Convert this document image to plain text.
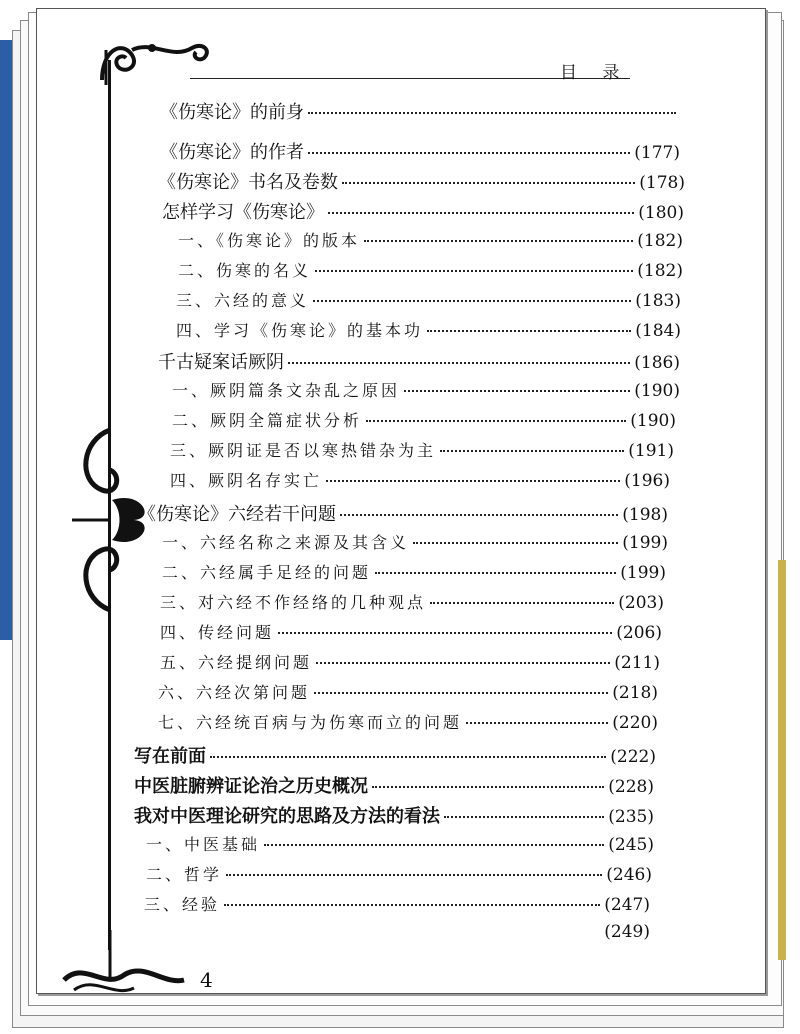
目 录
《伤寒论》的前身
《伤寒论》的作者	(177)
《伤寒论》书名及卷数	(178)
怎样学习《伤寒论》	(180)
一、《伤寒论》的版本	(182)
二、伤寒的名义	(182)
三、六经的意义	(183)
四、学习《伤寒论》的基本功	(184)
千古疑案话厥阴	(186)
一、厥阴篇条文杂乱之原因	(190)
二、厥阴全篇症状分析	(190)
三、厥阴证是否以寒热错杂为主	(191)
四、厥阴名存实亡	(196)
《伤寒论》六经若干问题	(198)
一、六经名称之来源及其含义	(199)
二、六经属手足经的问题	(199)
三、对六经不作经络的几种观点	(203)
四、传经问题	(206)
五、六经提纲问题	(211)
六、六经次第问题	(218)
七、六经统百病与为伤寒而立的问题	(220)
写在前面	(222)
中医脏腑辨证论治之历史概况	(228)
我对中医理论研究的思路及方法的看法	(235)
一、中医基础	(245)
二、哲学	(246)
三、经验	(247)
(249)
4
